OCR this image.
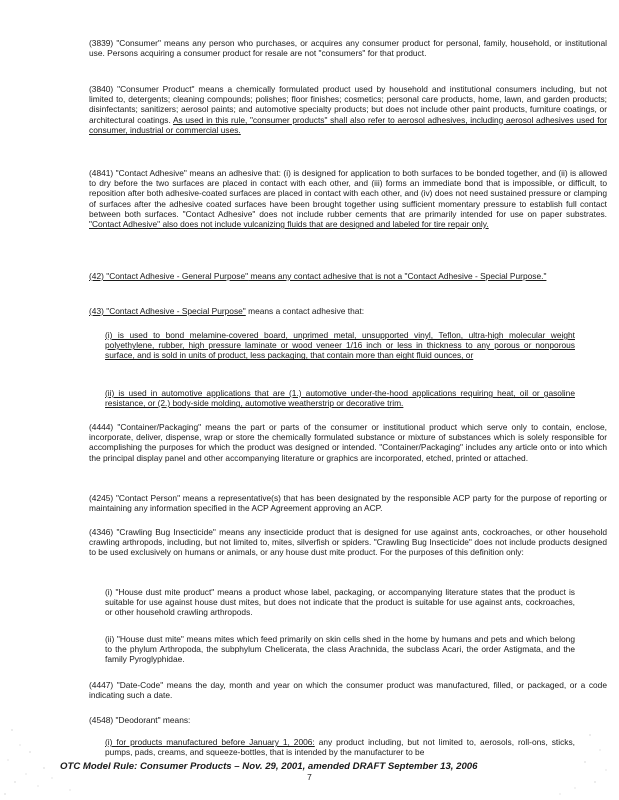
(3839) "Consumer" means any person who purchases, or acquires any consumer product for personal, family, household, or institutional use. Persons acquiring a consumer product for resale are not "consumers" for that product.

(3840) "Consumer Product" means a chemically formulated product used by household and institutional consumers including, but not limited to, detergents; cleaning compounds; polishes; floor finishes; cosmetics; personal care products, home, lawn, and garden products; disinfectants; sanitizers; aerosol paints; and automotive specialty products; but does not include other paint products, furniture coatings, or architectural coatings. As used in this rule, "consumer products" shall also refer to aerosol adhesives, including aerosol adhesives used for consumer, industrial or commercial uses.

(4841) "Contact Adhesive" means an adhesive that: (i) is designed for application to both surfaces to be bonded together, and (ii) is allowed to dry before the two surfaces are placed in contact with each other, and (iii) forms an immediate bond that is impossible, or difficult, to reposition after both adhesive-coated surfaces are placed in contact with each other, and (iv) does not need sustained pressure or clamping of surfaces after the adhesive coated surfaces have been brought together using sufficient momentary pressure to establish full contact between both surfaces. "Contact Adhesive" does not include rubber cements that are primarily intended for use on paper substrates. "Contact Adhesive" also does not include vulcanizing fluids that are designed and labeled for tire repair only.

(42) "Contact Adhesive - General Purpose" means any contact adhesive that is not a "Contact Adhesive - Special Purpose."

(43) "Contact Adhesive - Special Purpose" means a contact adhesive that:

(i) is used to bond melamine-covered board, unprimed metal, unsupported vinyl, Teflon, ultra-high molecular weight polyethylene, rubber, high pressure laminate or wood veneer 1/16 inch or less in thickness to any porous or nonporous surface, and is sold in units of product, less packaging, that contain more than eight fluid ounces, or

(ii) is used in automotive applications that are (1.) automotive under-the-hood applications requiring heat, oil or gasoline resistance, or (2.) body-side molding, automotive weatherstrip or decorative trim.

(4444) "Container/Packaging" means the part or parts of the consumer or institutional product which serve only to contain, enclose, incorporate, deliver, dispense, wrap or store the chemically formulated substance or mixture of substances which is solely responsible for accomplishing the purposes for which the product was designed or intended. "Container/Packaging" includes any article onto or into which the principal display panel and other accompanying literature or graphics are incorporated, etched, printed or attached.

(4245) "Contact Person" means a representative(s) that has been designated by the responsible ACP party for the purpose of reporting or maintaining any information specified in the ACP Agreement approving an ACP.

(4346) "Crawling Bug Insecticide" means any insecticide product that is designed for use against ants, cockroaches, or other household crawling arthropods, including, but not limited to, mites, silverfish or spiders. "Crawling Bug Insecticide" does not include products designed to be used exclusively on humans or animals, or any house dust mite product. For the purposes of this definition only:

(i) "House dust mite product" means a product whose label, packaging, or accompanying literature states that the product is suitable for use against house dust mites, but does not indicate that the product is suitable for use against ants, cockroaches, or other household crawling arthropods.

(ii) "House dust mite" means mites which feed primarily on skin cells shed in the home by humans and pets and which belong to the phylum Arthropoda, the subphylum Chelicerata, the class Arachnida, the subclass Acari, the order Astigmata, and the family Pyroglyphidae.

(4447) "Date-Code" means the day, month and year on which the consumer product was manufactured, filled, or packaged, or a code indicating such a date.

(4548) "Deodorant" means:

(i) for products manufactured before January 1, 2006: any product including, but not limited to, aerosols, roll-ons, sticks, pumps, pads, creams, and squeeze-bottles, that is intended by the manufacturer to be

OTC Model Rule: Consumer Products – Nov. 29, 2001, amended DRAFT September 13, 2006

7
